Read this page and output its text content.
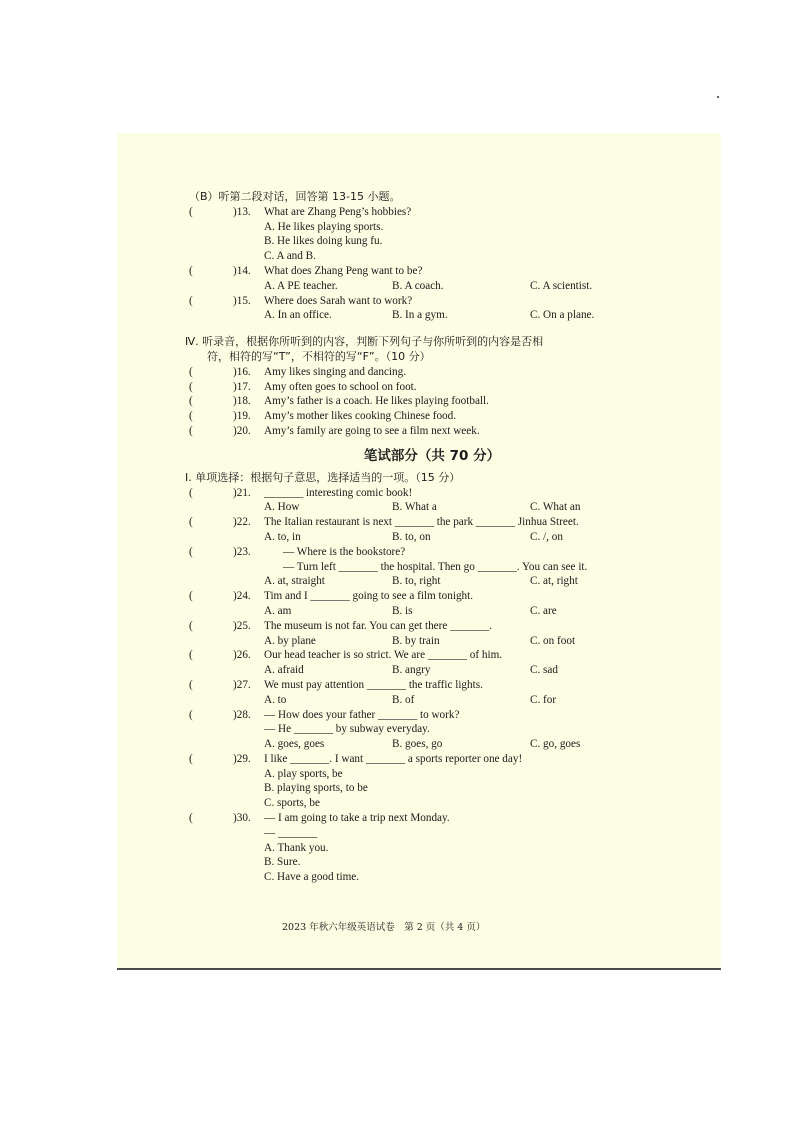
（B）听第二段对话，回答第 13-15 小题。
(	)13. What are Zhang Peng’s hobbies?
A. He likes playing sports.
B. He likes doing kung fu.
C. A and B.
(	)14. What does Zhang Peng want to be?
A. A PE teacher.	B. A coach.	C. A scientist.
(	)15. Where does Sarah want to work?
A. In an office.	B. In a gym.	C. On a plane.
Ⅳ. 听录音，根据你所听到的内容，判断下列句子与你所听到的内容是否相
符，相符的写“T”，不相符的写“F”。（10 分）
(	)16. Amy likes singing and dancing.
(	)17. Amy often goes to school on foot.
(	)18. Amy’s father is a coach. He likes playing football.
(	)19. Amy’s mother likes cooking Chinese food.
(	)20. Amy’s family are going to see a film next week.
笔试部分（共 70 分）
Ⅰ. 单项选择：根据句子意思，选择适当的一项。（15 分）
(	)21. _______ interesting comic book!
A. How	B. What a	C. What an
(	)22. The Italian restaurant is next _______ the park _______ Jinhua Street.
A. to, in	B. to, on	C. /, on
(	)23.	— Where is the bookstore?
— Turn left _______ the hospital. Then go _______. You can see it.
A. at, straight	B. to, right	C. at, right
(	)24. Tim and I _______ going to see a film tonight.
A. am	B. is	C. are
(	)25. The museum is not far. You can get there _______.
A. by plane	B. by train	C. on foot
(	)26. Our head teacher is so strict. We are _______ of him.
A. afraid	B. angry	C. sad
(	)27. We must pay attention _______ the traffic lights.
A. to	B. of	C. for
(	)28. — How does your father _______ to work?
— He _______ by subway everyday.
A. goes, goes	B. goes, go	C. go, goes
(	)29. I like _______. I want _______ a sports reporter one day!
A. play sports, be
B. playing sports, to be
C. sports, be
(	)30. — I am going to take a trip next Monday.
— _______
A. Thank you.
B. Sure.
C. Have a good time.
2023 年秋六年级英语试卷　第 2 页（共 4 页）
